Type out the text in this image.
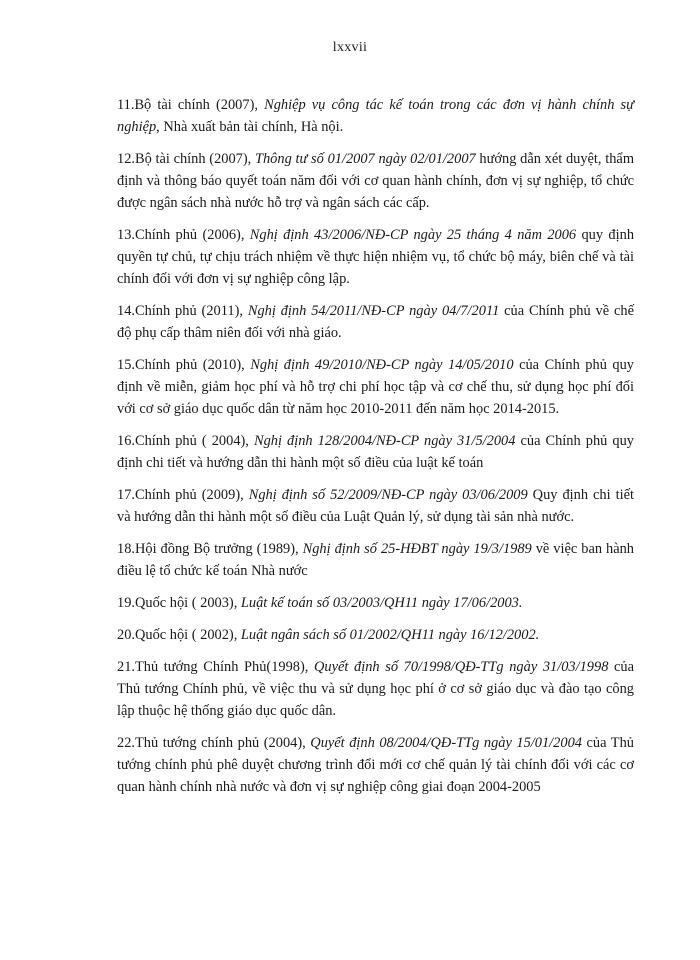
lxxvii
11.Bộ tài chính (2007), Nghiệp vụ công tác kế toán trong các đơn vị hành chính sự nghiệp, Nhà xuất bản tài chính, Hà nội.
12.Bộ tài chính (2007), Thông tư số 01/2007 ngày 02/01/2007 hướng dẫn xét duyệt, thẩm định và thông báo quyết toán năm đối với cơ quan hành chính, đơn vị sự nghiệp, tổ chức được ngân sách nhà nước hỗ trợ và ngân sách các cấp.
13.Chính phủ (2006), Nghị định 43/2006/NĐ-CP ngày 25 tháng 4 năm 2006 quy định quyền tự chủ, tự chịu trách nhiệm về thực hiện nhiệm vụ, tổ chức bộ máy, biên chế và tài chính đối với đơn vị sự nghiệp công lập.
14.Chính phủ (2011), Nghị định 54/2011/NĐ-CP ngày 04/7/2011 của Chính phủ về chế độ phụ cấp thâm niên đối với nhà giáo.
15.Chính phủ (2010), Nghị định 49/2010/NĐ-CP ngày 14/05/2010 của Chính phủ quy định về miễn, giảm học phí và hỗ trợ chi phí học tập và cơ chế thu, sử dụng học phí đối với cơ sở giáo dục quốc dân từ năm học 2010-2011 đến năm học 2014-2015.
16.Chính phủ ( 2004), Nghị định 128/2004/NĐ-CP ngày 31/5/2004 của Chính phủ quy định chi tiết và hướng dẫn thi hành một số điều của luật kế toán
17.Chính phủ (2009), Nghị định số 52/2009/NĐ-CP ngày 03/06/2009 Quy định chi tiết và hướng dẫn thi hành một số điều của Luật Quản lý, sử dụng tài sản nhà nước.
18.Hội đồng Bộ trưởng (1989), Nghị định số 25-HĐBT ngày 19/3/1989 về việc ban hành điều lệ tổ chức kế toán Nhà nước
19.Quốc hội ( 2003), Luật kế toán số 03/2003/QH11 ngày 17/06/2003.
20.Quốc hội ( 2002), Luật ngân sách số 01/2002/QH11 ngày 16/12/2002.
21.Thủ tướng Chính Phủ(1998), Quyết định số 70/1998/QĐ-TTg ngày 31/03/1998 của Thủ tướng Chính phủ, về việc thu và sử dụng học phí ở cơ sở giáo dục và đào tạo công lập thuộc hệ thống giáo dục quốc dân.
22.Thủ tướng chính phủ (2004), Quyết định 08/2004/QĐ-TTg ngày 15/01/2004 của Thủ tướng chính phủ phê duyệt chương trình đổi mới cơ chế quản lý tài chính đối với các cơ quan hành chính nhà nước và đơn vị sự nghiệp công giai đoạn 2004-2005
